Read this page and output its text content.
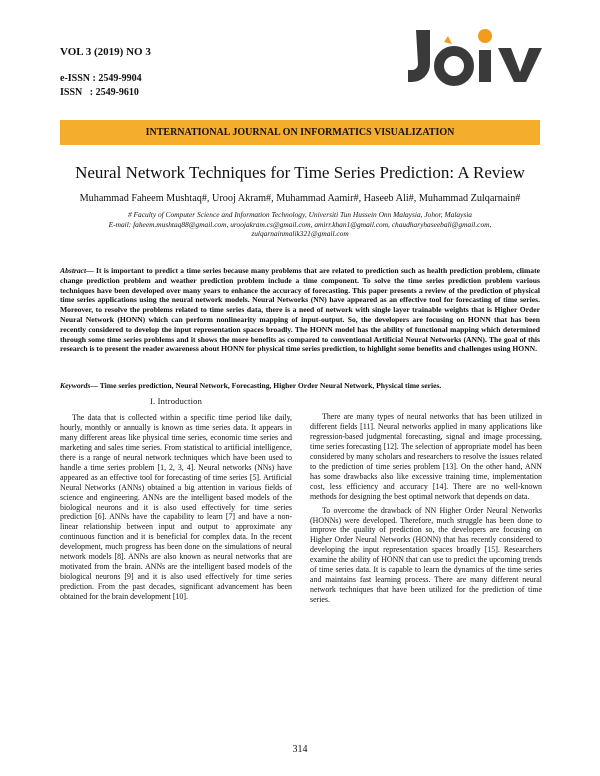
VOL 3 (2019) NO 3
e-ISSN : 2549-9904
ISSN   : 2549-9610
INTERNATIONAL JOURNAL ON INFORMATICS VISUALIZATION
Neural Network Techniques for Time Series Prediction: A Review
Muhammad Faheem Mushtaq#, Urooj Akram#, Muhammad Aamir#, Haseeb Ali#, Muhammad Zulqarnain#
# Faculty of Computer Science and Information Technology, Universiti Tun Hussein Onn Malaysia, Johor, Malaysia
E-mail: faheem.mushtaq88@gmail.com, uroojakram.cs@gmail.com, amirr.khan1@gmail.com, chaudharyhaseebali@gmail.com, zulqarnainmalik321@gmail.com
Abstract— It is important to predict a time series because many problems that are related to prediction such as health prediction problem, climate change prediction problem and weather prediction problem include a time component. To solve the time series prediction problem various techniques have been developed over many years to enhance the accuracy of forecasting. This paper presents a review of the prediction of physical time series applications using the neural network models. Neural Networks (NN) have appeared as an effective tool for forecasting of time series. Moreover, to resolve the problems related to time series data, there is a need of network with single layer trainable weights that is Higher Order Neural Network (HONN) which can perform nonlinearity mapping of input-output. So, the developers are focusing on HONN that has been recently considered to develop the input representation spaces broadly. The HONN model has the ability of functional mapping which determined through some time series problems and it shows the more benefits as compared to conventional Artificial Neural Networks (ANN). The goal of this research is to present the reader awareness about HONN for physical time series prediction, to highlight some benefits and challenges using HONN.
Keywords— Time series prediction, Neural Network, Forecasting, Higher Order Neural Network, Physical time series.
I. Introduction

The data that is collected within a specific time period like daily, hourly, monthly or annually is known as time series data. It appears in many different areas like physical time series, economic time series and marketing and sales time series. From statistical to artificial intelligence, there is a range of neural network techniques which have been used to handle a time series problem [1, 2, 3, 4]. Neural networks (NNs) have appeared as an effective tool for forecasting of time series [5]. Artificial Neural Networks (ANNs) obtained a big attention in various fields of science and engineering. ANNs are the intelligent based models of the biological neurons and it is also used effectively for time series prediction [6]. ANNs have the capability to learn [7] and have a non-linear relationship between input and output to approximate any continuous function and it is beneficial for complex data. In the recent development, much progress has been done on the simulations of neural network models [8]. ANNs are also known as neural networks that are motivated from the brain. ANNs are the intelligent based models of the biological neurons [9] and it is also used effectively for time series prediction. From the past decades, significant advancement has been obtained for the brain development [10].

There are many types of neural networks that has been utilized in different fields [11]. Neural networks applied in many applications like regression-based judgmental forecasting, signal and image processing, time series forecasting [12]. The selection of appropriate model has been considered by many scholars and researchers to resolve the issues related to the prediction of time series problem [13]. On the other hand, ANN has some drawbacks also like excessive training time, implementation cost, less efficiency and accuracy [14]. There are no well-known methods for designing the best optimal network that depends on data.

To overcome the drawback of NN Higher Order Neural Networks (HONNs) were developed. Therefore, much struggle has been done to improve the quality of prediction so, the developers are focusing on Higher Order Neural Networks (HONN) that has recently considered to developing the input representation spaces broadly [15]. Researchers examine the ability of HONN that can use to predict the upcoming trends of time series data. It is capable to learn the dynamics of the time series and maintains fast learning process. There are many different neural network techniques that have been utilized for the prediction of time series.

314
